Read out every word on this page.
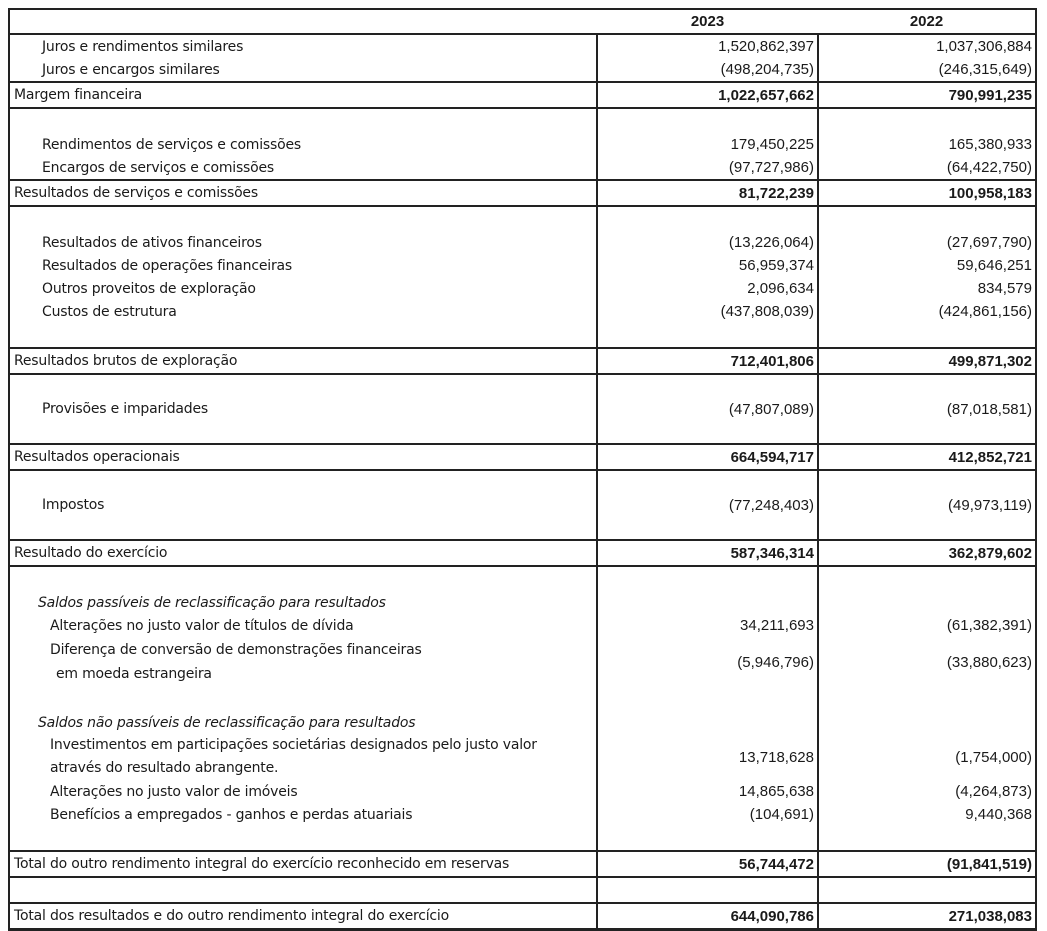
	2023	2022
Juros e rendimentos similares	1,520,862,397	1,037,306,884
Juros e encargos similares	(498,204,735)	(246,315,649)
Margem financeira	1,022,657,662	790,991,235

Rendimentos de serviços e comissões	179,450,225	165,380,933
Encargos de serviços e comissões	(97,727,986)	(64,422,750)
Resultados de serviços e comissões	81,722,239	100,958,183

Resultados de ativos financeiros	(13,226,064)	(27,697,790)
Resultados de operações financeiras	56,959,374	59,646,251
Outros proveitos de exploração	2,096,634	834,579
Custos de estrutura	(437,808,039)	(424,861,156)

Resultados brutos de exploração	712,401,806	499,871,302
Provisões e imparidades	(47,807,089)	(87,018,581)
Resultados operacionais	664,594,717	412,852,721
Impostos	(77,248,403)	(49,973,119)
Resultado do exercício	587,346,314	362,879,602

Saldos passíveis de reclassificação para resultados		
Alterações no justo valor de títulos de dívida	34,211,693	(61,382,391)

Diferença de conversão de demonstrações financeiras
em moeda estrangeira	(5,946,796)	(33,880,623)

Saldos não passíveis de reclassificação para resultados		

Investimentos em participações societárias designados pelo justo valor
através do resultado abrangente.	13,718,628	(1,754,000)
Alterações no justo valor de imóveis	14,865,638	(4,264,873)
Benefícios a empregados - ganhos e perdas atuariais	(104,691)	9,440,368

Total do outro rendimento integral do exercício reconhecido em reservas	56,744,472	(91,841,519)

Total dos resultados e do outro rendimento integral do exercício	644,090,786	271,038,083
